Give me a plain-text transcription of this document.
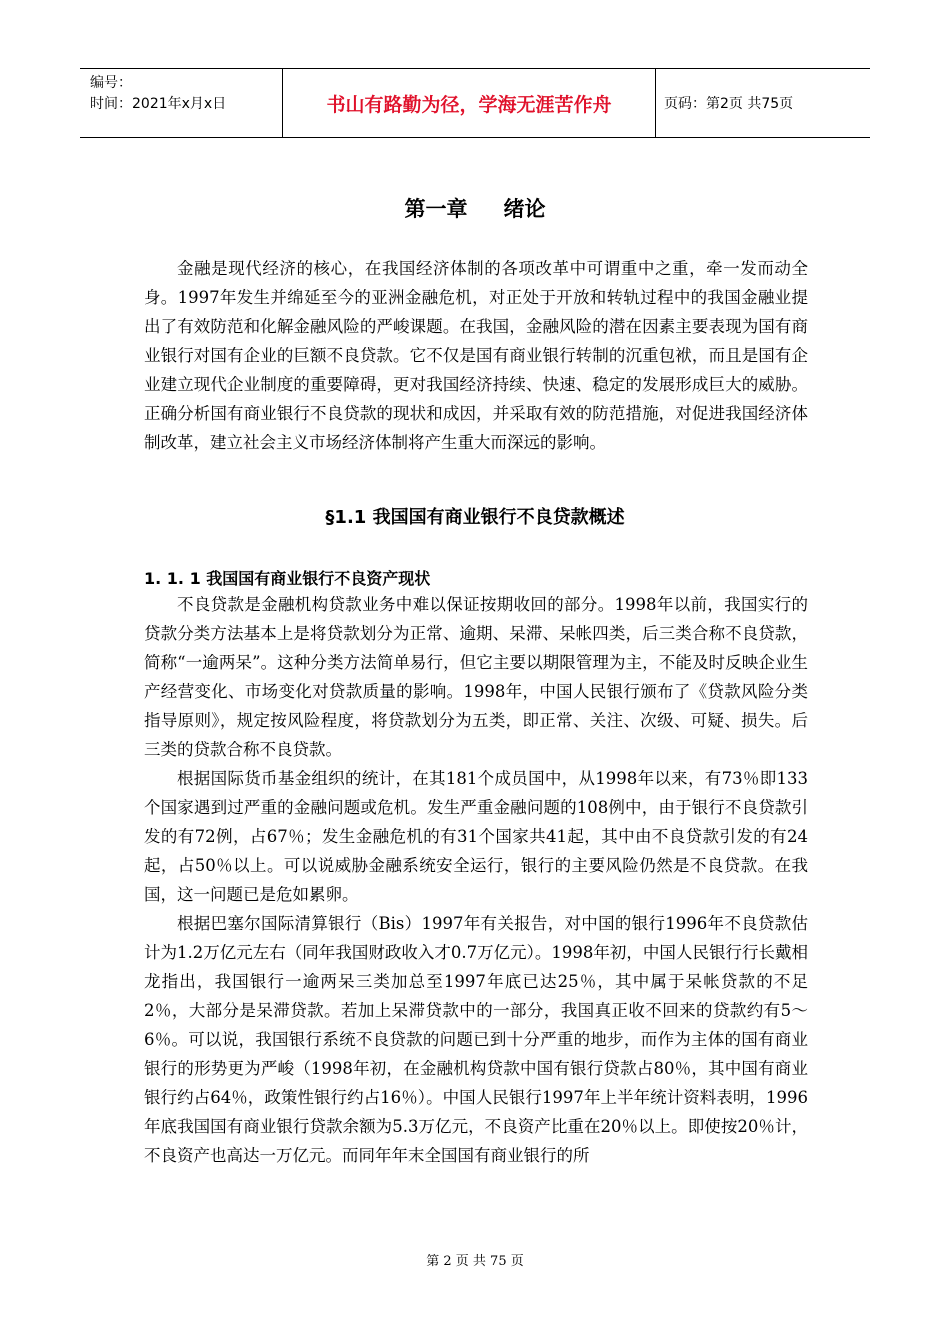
编号：
时间：2021年x月x日	书山有路勤为径，学海无涯苦作舟	页码：第2页 共75页
第一章 绪论

金融是现代经济的核心，在我国经济体制的各项改革中可谓重中之重，牵一发而动全身。1997年发生并绵延至今的亚洲金融危机，对正处于开放和转轨过程中的我国金融业提出了有效防范和化解金融风险的严峻课题。在我国，金融风险的潜在因素主要表现为国有商业银行对国有企业的巨额不良贷款。它不仅是国有商业银行转制的沉重包袱，而且是国有企业建立现代企业制度的重要障碍，更对我国经济持续、快速、稳定的发展形成巨大的威胁。正确分析国有商业银行不良贷款的现状和成因，并采取有效的防范措施，对促进我国经济体制改革，建立社会主义市场经济体制将产生重大而深远的影响。

§1.1 我国国有商业银行不良贷款概述
1. 1. 1 我国国有商业银行不良资产现状

不良贷款是金融机构贷款业务中难以保证按期收回的部分。1998年以前，我国实行的贷款分类方法基本上是将贷款划分为正常、逾期、呆滞、呆帐四类，后三类合称不良贷款，简称“一逾两呆”。这种分类方法简单易行，但它主要以期限管理为主，不能及时反映企业生产经营变化、市场变化对贷款质量的影响。1998年，中国人民银行颁布了《贷款风险分类指导原则》，规定按风险程度，将贷款划分为五类，即正常、关注、次级、可疑、损失。后三类的贷款合称不良贷款。

根据国际货币基金组织的统计，在其181个成员国中，从1998年以来，有73％即133个国家遇到过严重的金融问题或危机。发生严重金融问题的108例中，由于银行不良贷款引发的有72例，占67％；发生金融危机的有31个国家共41起，其中由不良贷款引发的有24起，占50％以上。可以说威胁金融系统安全运行，银行的主要风险仍然是不良贷款。在我国，这一问题已是危如累卵。

根据巴塞尔国际清算银行（Bis）1997年有关报告，对中国的银行1996年不良贷款估计为1.2万亿元左右（同年我国财政收入才0.7万亿元）。1998年初，中国人民银行行长戴相龙指出，我国银行一逾两呆三类加总至1997年底已达25％，其中属于呆帐贷款的不足2％，大部分是呆滞贷款。若加上呆滞贷款中的一部分，我国真正收不回来的贷款约有5～6％。可以说，我国银行系统不良贷款的问题已到十分严重的地步，而作为主体的国有商业银行的形势更为严峻（1998年初，在金融机构贷款中国有银行贷款占80％，其中国有商业银行约占64％，政策性银行约占16％）。中国人民银行1997年上半年统计资料表明，1996年底我国国有商业银行贷款余额为5.3万亿元，不良资产比重在20％以上。即使按20％计，不良资产也高达一万亿元。而同年年末全国国有商业银行的所

第 2 页 共 75 页
